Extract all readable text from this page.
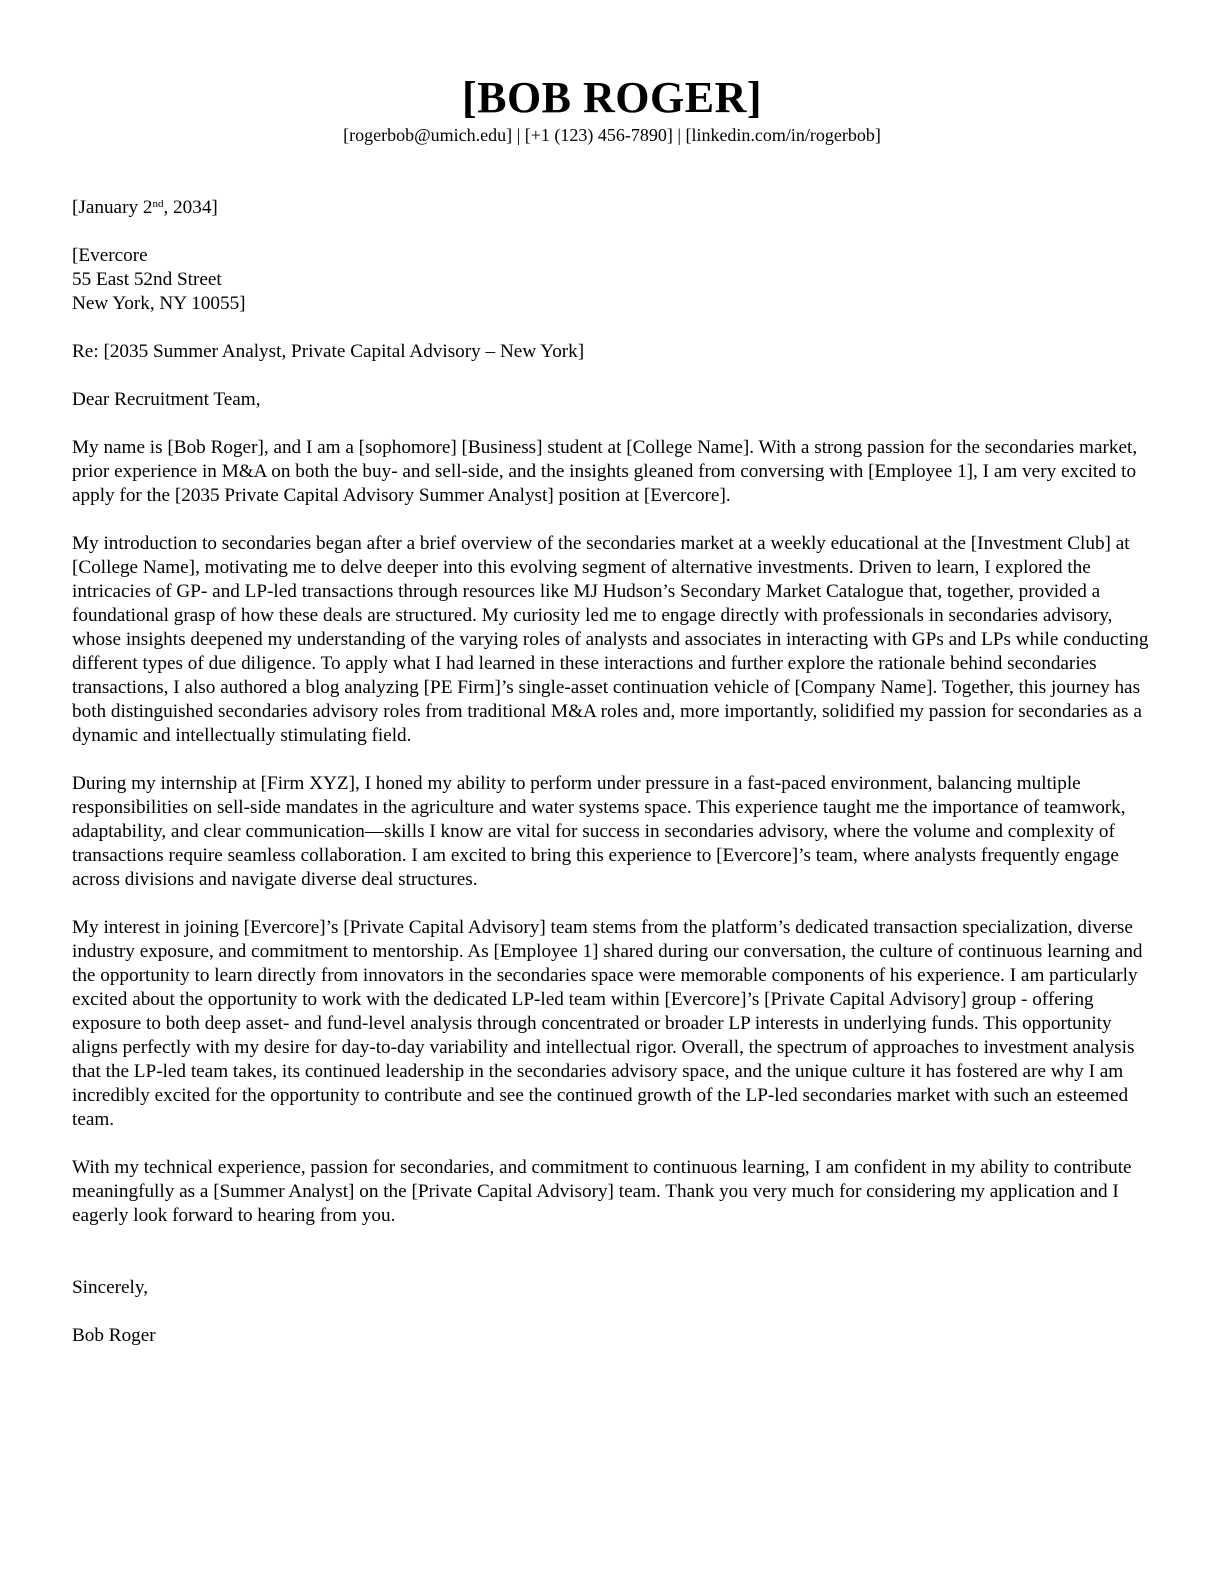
[BOB ROGER]
[rogerbob@umich.edu] | [+1 (123) 456-7890] | [linkedin.com/in/rogerbob]

[January 2nd, 2034]

[Evercore
55 East 52nd Street
New York, NY 10055]

Re: [2035 Summer Analyst, Private Capital Advisory – New York]

Dear Recruitment Team,

My name is [Bob Roger], and I am a [sophomore] [Business] student at [College Name]. With a strong passion for the secondaries market, prior experience in M&A on both the buy- and sell-side, and the insights gleaned from conversing with [Employee 1], I am very excited to apply for the [2035 Private Capital Advisory Summer Analyst] position at [Evercore].

My introduction to secondaries began after a brief overview of the secondaries market at a weekly educational at the [Investment Club] at [College Name], motivating me to delve deeper into this evolving segment of alternative investments. Driven to learn, I explored the intricacies of GP- and LP-led transactions through resources like MJ Hudson’s Secondary Market Catalogue that, together, provided a foundational grasp of how these deals are structured. My curiosity led me to engage directly with professionals in secondaries advisory, whose insights deepened my understanding of the varying roles of analysts and associates in interacting with GPs and LPs while conducting different types of due diligence. To apply what I had learned in these interactions and further explore the rationale behind secondaries transactions, I also authored a blog analyzing [PE Firm]’s single-asset continuation vehicle of [Company Name]. Together, this journey has both distinguished secondaries advisory roles from traditional M&A roles and, more importantly, solidified my passion for secondaries as a dynamic and intellectually stimulating field.

During my internship at [Firm XYZ], I honed my ability to perform under pressure in a fast-paced environment, balancing multiple responsibilities on sell-side mandates in the agriculture and water systems space. This experience taught me the importance of teamwork, adaptability, and clear communication—skills I know are vital for success in secondaries advisory, where the volume and complexity of transactions require seamless collaboration. I am excited to bring this experience to [Evercore]’s team, where analysts frequently engage across divisions and navigate diverse deal structures.

My interest in joining [Evercore]’s [Private Capital Advisory] team stems from the platform’s dedicated transaction specialization, diverse industry exposure, and commitment to mentorship. As [Employee 1] shared during our conversation, the culture of continuous learning and the opportunity to learn directly from innovators in the secondaries space were memorable components of his experience. I am particularly excited about the opportunity to work with the dedicated LP-led team within [Evercore]’s [Private Capital Advisory] group - offering exposure to both deep asset- and fund-level analysis through concentrated or broader LP interests in underlying funds. This opportunity aligns perfectly with my desire for day-to-day variability and intellectual rigor. Overall, the spectrum of approaches to investment analysis that the LP-led team takes, its continued leadership in the secondaries advisory space, and the unique culture it has fostered are why I am incredibly excited for the opportunity to contribute and see the continued growth of the LP-led secondaries market with such an esteemed team.

With my technical experience, passion for secondaries, and commitment to continuous learning, I am confident in my ability to contribute meaningfully as a [Summer Analyst] on the [Private Capital Advisory] team. Thank you very much for considering my application and I eagerly look forward to hearing from you.

Sincerely,

Bob Roger
